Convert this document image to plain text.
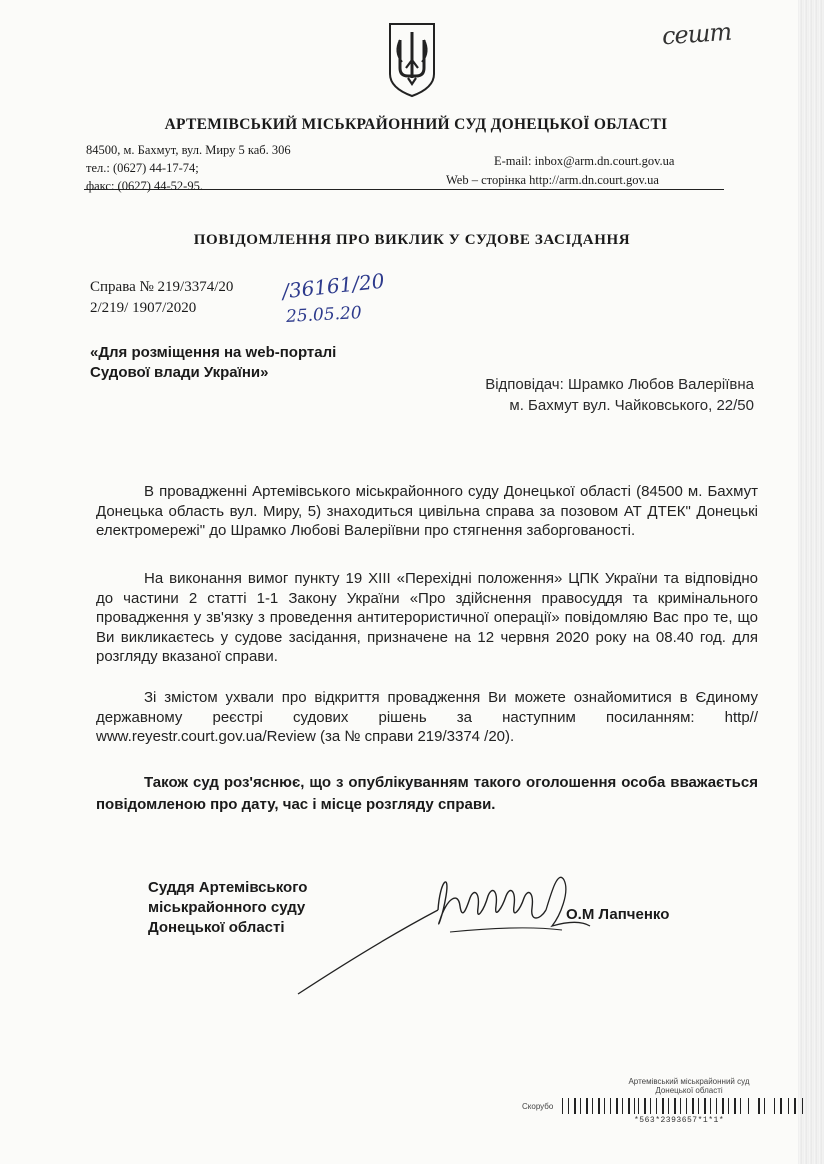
сешт
АРТЕМІВСЬКИЙ МІСЬКРАЙОННИЙ СУД ДОНЕЦЬКОЇ ОБЛАСТІ
84500, м. Бахмут, вул. Миру 5 каб. 306
тел.: (0627) 44-17-74;
факс: (0627) 44-52-95.
E-mail: inbox@arm.dn.court.gov.ua
Web – сторінка http://arm.dn.court.gov.ua
ПОВІДОМЛЕННЯ ПРО ВИКЛИК У СУДОВЕ ЗАСІДАННЯ
Справа № 219/3374/20
2/219/ 1907/2020
/36161/20
25.05.20
«Для розміщення на web-порталі
Судової влади України»
Відповідач: Шрамко Любов Валеріївна
м. Бахмут вул. Чайковського, 22/50
В провадженні Артемівського міськрайонного суду Донецької області (84500 м. Бахмут Донецька область вул. Миру, 5) знаходиться цивільна справа за позовом АТ ДТЕК" Донецькі електромережі" до Шрамко Любові Валеріївни про стягнення заборгованості.
На виконання вимог пункту 19 ХІІІ «Перехідні положення» ЦПК України та відповідно до частини 2 статті 1-1 Закону України «Про здійснення правосуддя та кримінального провадження у зв'язку з проведення антитерористичної операції» повідомляю Вас про те, що Ви викликаєтесь у судове засідання, призначене на 12 червня 2020 року на 08.40 год. для розгляду вказаної справи.
Зі змістом ухвали про відкриття провадження Ви можете ознайомитися в Єдиному державному реєстрі судових рішень за наступним посиланням: http// www.reyestr.court.gov.ua/Review (за № справи 219/3374 /20).
Також суд роз'яснює, що з опублікуванням такого оголошення особа вважається повідомленою про дату, час і місце розгляду справи.
Суддя Артемівського
міськрайонного суду
Донецької області
О.М Лапченко
Артемівський міськрайонний суд
Донецької області
Скорубо
*563*2393657*1*1*
